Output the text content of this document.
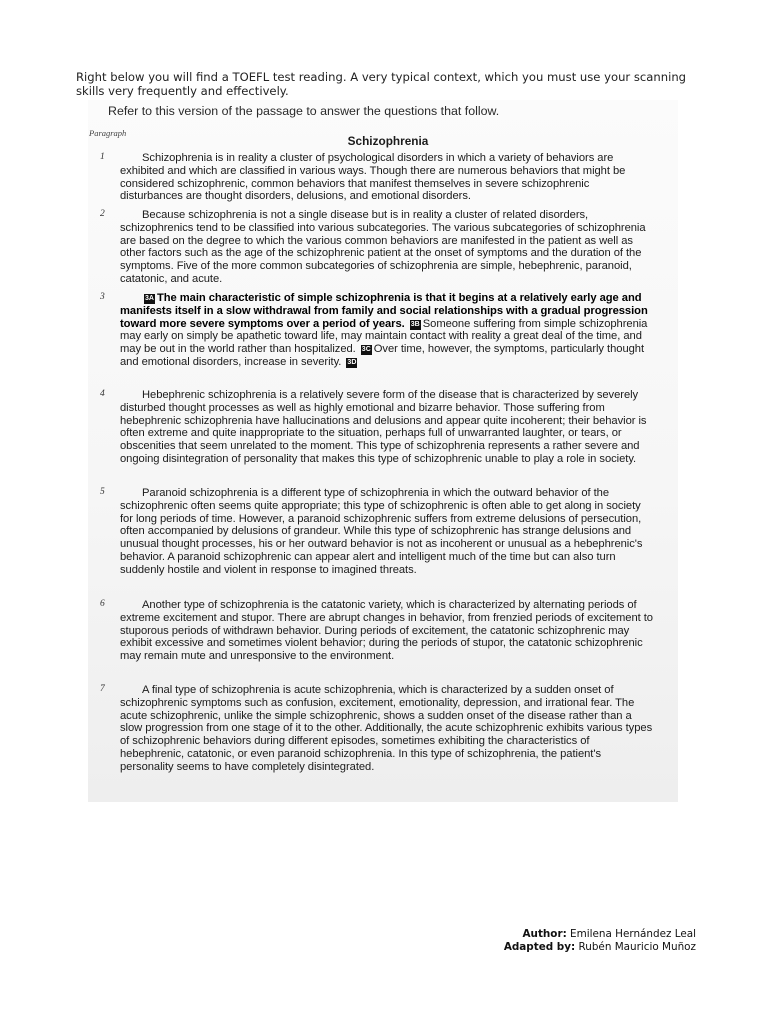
Right below you will find a TOEFL test reading. A very typical context, which you must use your scanning skills very frequently and effectively.
Refer to this version of the passage to answer the questions that follow.
Paragraph
Schizophrenia
1	Schizophrenia is in reality a cluster of psychological disorders in which a variety of behaviors are exhibited and which are classified in various ways. Though there are numerous behaviors that might be considered schizophrenic, common behaviors that manifest themselves in severe schizophrenic disturbances are thought disorders, delusions, and emotional disorders.
2	Because schizophrenia is not a single disease but is in reality a cluster of related disorders, schizophrenics tend to be classified into various subcategories. The various subcategories of schizophrenia are based on the degree to which the various common behaviors are manifested in the patient as well as other factors such as the age of the schizophrenic patient at the onset of symptoms and the duration of the symptoms. Five of the more common subcategories of schizophrenia are simple, hebephrenic, paranoid, catatonic, and acute.
3	3A The main characteristic of simple schizophrenia is that it begins at a relatively early age and manifests itself in a slow withdrawal from family and social relationships with a gradual progression toward more severe symptoms over a period of years. 3B Someone suffering from simple schizophrenia may early on simply be apathetic toward life, may maintain contact with reality a great deal of the time, and may be out in the world rather than hospitalized. 3C Over time, however, the symptoms, particularly thought and emotional disorders, increase in severity. 3D
4	Hebephrenic schizophrenia is a relatively severe form of the disease that is characterized by severely disturbed thought processes as well as highly emotional and bizarre behavior. Those suffering from hebephrenic schizophrenia have hallucinations and delusions and appear quite incoherent; their behavior is often extreme and quite inappropriate to the situation, perhaps full of unwarranted laughter, or tears, or obscenities that seem unrelated to the moment. This type of schizophrenia represents a rather severe and ongoing disintegration of personality that makes this type of schizophrenic unable to play a role in society.
5	Paranoid schizophrenia is a different type of schizophrenia in which the outward behavior of the schizophrenic often seems quite appropriate; this type of schizophrenic is often able to get along in society for long periods of time. However, a paranoid schizophrenic suffers from extreme delusions of persecution, often accompanied by delusions of grandeur. While this type of schizophrenic has strange delusions and unusual thought processes, his or her outward behavior is not as incoherent or unusual as a hebephrenic's behavior. A paranoid schizophrenic can appear alert and intelligent much of the time but can also turn suddenly hostile and violent in response to imagined threats.
6	Another type of schizophrenia is the catatonic variety, which is characterized by alternating periods of extreme excitement and stupor. There are abrupt changes in behavior, from frenzied periods of excitement to stuporous periods of withdrawn behavior. During periods of excitement, the catatonic schizophrenic may exhibit excessive and sometimes violent behavior; during the periods of stupor, the catatonic schizophrenic may remain mute and unresponsive to the environment.
7	A final type of schizophrenia is acute schizophrenia, which is characterized by a sudden onset of schizophrenic symptoms such as confusion, excitement, emotionality, depression, and irrational fear. The acute schizophrenic, unlike the simple schizophrenic, shows a sudden onset of the disease rather than a slow progression from one stage of it to the other. Additionally, the acute schizophrenic exhibits various types of schizophrenic behaviors during different episodes, sometimes exhibiting the characteristics of hebephrenic, catatonic, or even paranoid schizophrenia. In this type of schizophrenia, the patient's personality seems to have completely disintegrated.
Author: Emilena Hernández Leal
Adapted by: Rubén Mauricio Muñoz
